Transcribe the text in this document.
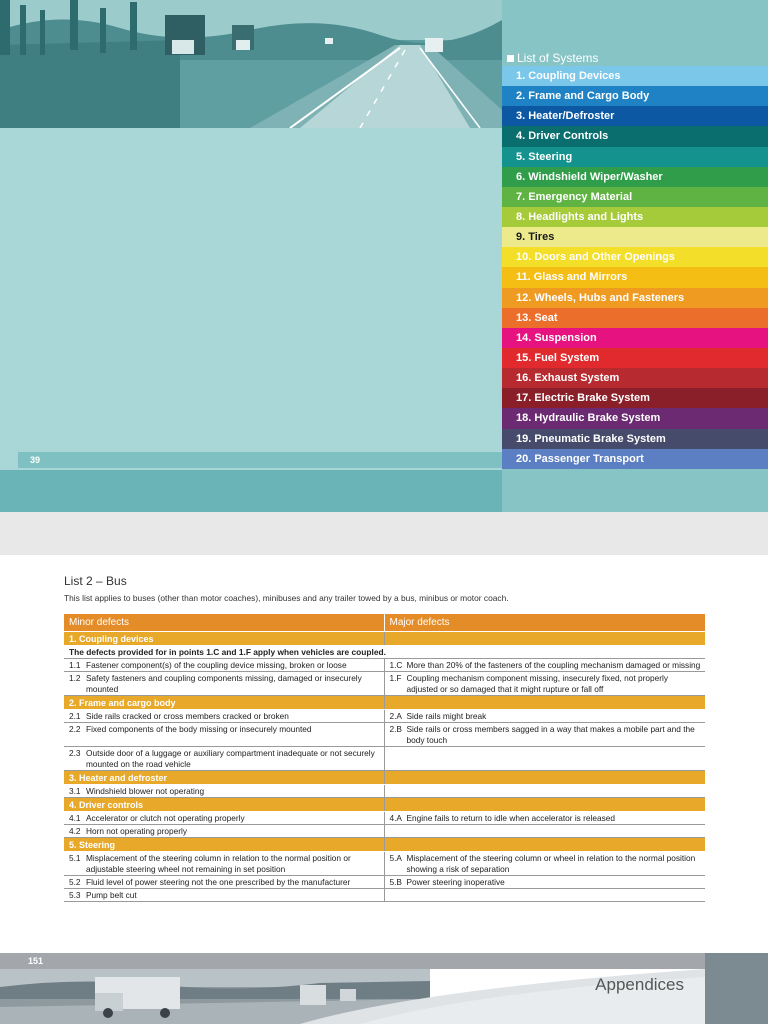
39
List of Systems
1. Coupling Devices
2. Frame and Cargo Body
3. Heater/Defroster
4. Driver Controls
5. Steering
6. Windshield Wiper/Washer
7. Emergency Material
8. Headlights and Lights
9. Tires
10. Doors and Other Openings
11. Glass and Mirrors
12. Wheels, Hubs and Fasteners
13. Seat
14. Suspension
15. Fuel System
16. Exhaust System
17. Electric Brake System
18. Hydraulic Brake System
19. Pneumatic Brake System
20. Passenger Transport
List 2 – Bus
This list applies to buses (other than motor coaches), minibuses and any trailer towed by a bus, minibus or motor coach.
Minor defects	Major defects
1. Coupling devices	
The defects provided for in points 1.C and 1.F apply when vehicles are coupled.	

1.1 Fastener component(s) of the coupling device missing, broken or loose	1.C More than 20% of the fasteners of the coupling mechanism damaged or missing

1.2 Safety fasteners and coupling components missing, damaged or insecurely mounted	1.F Coupling mechanism component missing, insecurely fixed, not properly adjusted or so damaged that it might rupture or fall off

2. Frame and cargo body	

2.1 Side rails cracked or cross members cracked or broken	2.A Side rails might break

2.2 Fixed components of the body missing or insecurely mounted	2.B Side rails or cross members sagged in a way that makes a mobile part and the body touch

2.3 Outside door of a luggage or auxiliary compartment inadequate or not securely mounted on the road vehicle	

3. Heater and defroster	

3.1 Windshield blower not operating	

4. Driver controls	

4.1 Accelerator or clutch not operating properly	4.A Engine fails to return to idle when accelerator is released

4.2 Horn not operating properly	

5. Steering	

5.1 Misplacement of the steering column in relation to the normal position or adjustable steering wheel not remaining in set position	5.A Misplacement of the steering column or wheel in relation to the normal position showing a risk of separation

5.2 Fluid level of power steering not the one prescribed by the manufacturer	5.B Power steering inoperative

5.3 Pump belt cut	

151
Appendices
